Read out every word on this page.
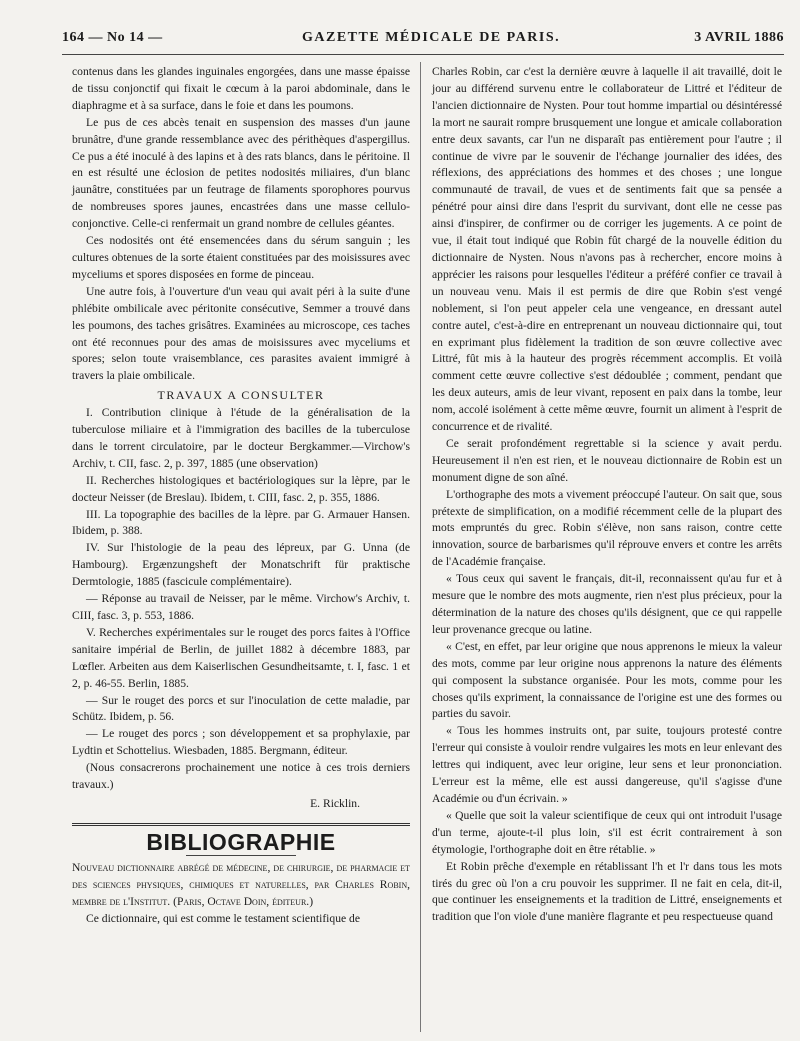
164 — No 14 —	GAZETTE MÉDICALE DE PARIS.	3 AVRIL 1886

contenus dans les glandes inguinales engorgées, dans une masse épaisse de tissu conjonctif qui fixait le cœcum à la paroi abdominale, dans le diaphragme et à sa surface, dans le foie et dans les poumons.

Le pus de ces abcès tenait en suspension des masses d'un jaune brunâtre, d'une grande ressemblance avec des périthèques d'aspergillus. Ce pus a été inoculé à des lapins et à des rats blancs, dans le péritoine. Il en est résulté une éclosion de petites nodosités miliaires, d'un blanc jaunâtre, constituées par un feutrage de filaments sporophores pourvus de nombreuses spores jaunes, encastrées dans une masse cellulo-conjonctive. Celle-ci renfermait un grand nombre de cellules géantes.

Ces nodosités ont été ensemencées dans du sérum sanguin ; les cultures obtenues de la sorte étaient constituées par des moisissures avec myceliums et spores disposées en forme de pinceau.

Une autre fois, à l'ouverture d'un veau qui avait péri à la suite d'une phlébite ombilicale avec péritonite consécutive, Semmer a trouvé dans les poumons, des taches grisâtres. Examinées au microscope, ces taches ont été reconnues pour des amas de moisissures avec myceliums et spores; selon toute vraisemblance, ces parasites avaient immigré à travers la plaie ombilicale.

TRAVAUX A CONSULTER

I. Contribution clinique à l'étude de la généralisation de la tuberculose miliaire et à l'immigration des bacilles de la tuberculose dans le torrent circulatoire, par le docteur Bergkammer.—Virchow's Archiv, t. CII, fasc. 2, p. 397, 1885 (une observation)

II. Recherches histologiques et bactériologiques sur la lèpre, par le docteur Neisser (de Breslau). Ibidem, t. CIII, fasc. 2, p. 355, 1886.

III. La topographie des bacilles de la lèpre. par G. Armauer Hansen. Ibidem, p. 388.

IV. Sur l'histologie de la peau des lépreux, par G. Unna (de Hambourg). Ergænzungsheft der Monatschrift für praktische Dermtologie, 1885 (fascicule complémentaire).

— Réponse au travail de Neisser, par le même. Virchow's Archiv, t. CIII, fasc. 3, p. 553, 1886.

V. Recherches expérimentales sur le rouget des porcs faites à l'Office sanitaire impérial de Berlin, de juillet 1882 à décembre 1883, par Lœfler. Arbeiten aus dem Kaiserlischen Gesundheitsamte, t. I, fasc. 1 et 2, p. 46-55. Berlin, 1885.

— Sur le rouget des porcs et sur l'inoculation de cette maladie, par Schütz. Ibidem, p. 56.

— Le rouget des porcs ; son développement et sa prophylaxie, par Lydtin et Schottelius. Wiesbaden, 1885. Bergmann, éditeur.

(Nous consacrerons prochainement une notice à ces trois derniers travaux.)

E. Ricklin.

BIBLIOGRAPHIE

Nouveau dictionnaire abrégé de médecine, de chirurgie, de pharmacie et des sciences physiques, chimiques et naturelles, par Charles Robin, membre de l'Institut. (Paris, Octave Doin, éditeur.)

Ce dictionnaire, qui est comme le testament scientifique de

Charles Robin, car c'est la dernière œuvre à laquelle il ait travaillé, doit le jour au différend survenu entre le collaborateur de Littré et l'éditeur de l'ancien dictionnaire de Nysten. Pour tout homme impartial ou désintéressé la mort ne saurait rompre brusquement une longue et amicale collaboration entre deux savants, car l'un ne disparaît pas entièrement pour l'autre ; il continue de vivre par le souvenir de l'échange journalier des idées, des réflexions, des appréciations des hommes et des choses ; une longue communauté de travail, de vues et de sentiments fait que sa pensée a pénétré pour ainsi dire dans l'esprit du survivant, dont elle ne cesse pas ainsi d'inspirer, de confirmer ou de corriger les jugements. A ce point de vue, il était tout indiqué que Robin fût chargé de la nouvelle édition du dictionnaire de Nysten. Nous n'avons pas à rechercher, encore moins à apprécier les raisons pour lesquelles l'éditeur a préféré confier ce travail à un nouveau venu. Mais il est permis de dire que Robin s'est vengé noblement, si l'on peut appeler cela une vengeance, en dressant autel contre autel, c'est-à-dire en entreprenant un nouveau dictionnaire qui, tout en exprimant plus fidèlement la tradition de son œuvre collective avec Littré, fût mis à la hauteur des progrès récemment accomplis. Et voilà comment cette œuvre collective s'est dédoublée ; comment, pendant que les deux auteurs, amis de leur vivant, reposent en paix dans la tombe, leur nom, accolé isolément à cette même œuvre, fournit un aliment à l'esprit de concurrence et de rivalité.

Ce serait profondément regrettable si la science y avait perdu. Heureusement il n'en est rien, et le nouveau dictionnaire de Robin est un monument digne de son aîné.

L'orthographe des mots a vivement préoccupé l'auteur. On sait que, sous prétexte de simplification, on a modifié récemment celle de la plupart des mots empruntés du grec. Robin s'élève, non sans raison, contre cette innovation, source de barbarismes qu'il réprouve envers et contre les arrêts de l'Académie française.

« Tous ceux qui savent le français, dit-il, reconnaissent qu'au fur et à mesure que le nombre des mots augmente, rien n'est plus précieux, pour la détermination de la nature des choses qu'ils désignent, que ce qui rappelle leur provenance grecque ou latine.

« C'est, en effet, par leur origine que nous apprenons le mieux la valeur des mots, comme par leur origine nous apprenons la nature des éléments qui composent la substance organisée. Pour les mots, comme pour les choses qu'ils expriment, la connaissance de l'origine est une des formes ou parties du savoir.

« Tous les hommes instruits ont, par suite, toujours protesté contre l'erreur qui consiste à vouloir rendre vulgaires les mots en leur enlevant des lettres qui indiquent, avec leur origine, leur sens et leur prononciation. L'erreur est la même, elle est aussi dangereuse, qu'il s'agisse d'une Académie ou d'un écrivain. »

« Quelle que soit la valeur scientifique de ceux qui ont introduit l'usage d'un terme, ajoute-t-il plus loin, s'il est écrit contrairement à son étymologie, l'orthographe doit en être rétablie. »

Et Robin prêche d'exemple en rétablissant l'h et l'r dans tous les mots tirés du grec où l'on a cru pouvoir les supprimer. Il ne fait en cela, dit-il, que continuer les enseignements et la tradition de Littré, enseignements et tradition que l'on viole d'une manière flagrante et peu respectueuse quand
